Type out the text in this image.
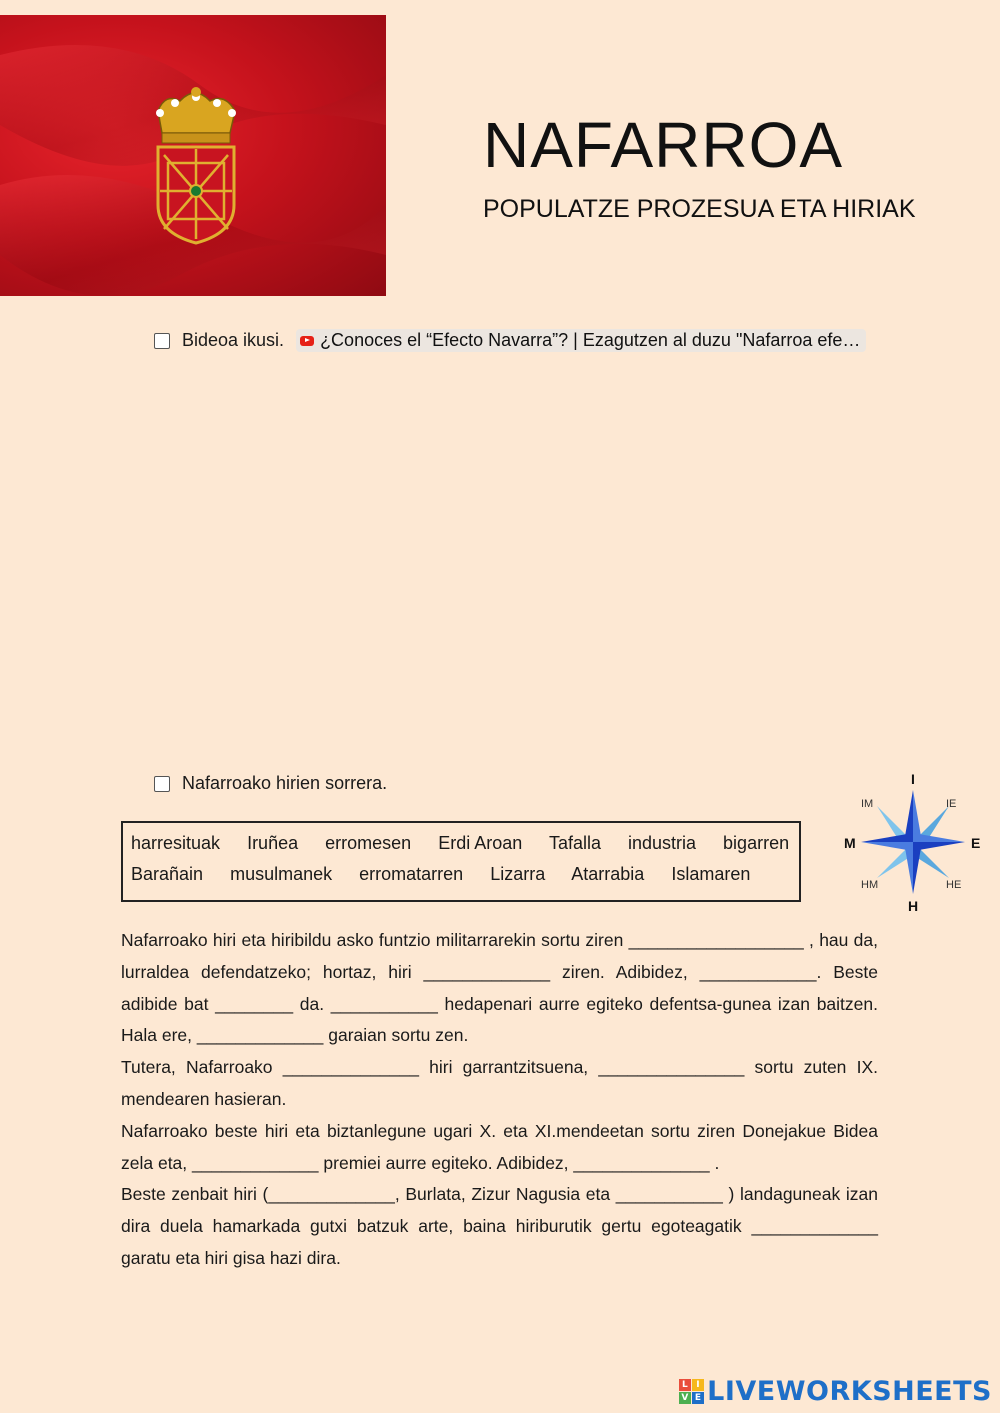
NAFARROA
POPULATZE PROZESUA ETA HIRIAK
Bideoa ikusi. ¿Conoces el “Efecto Navarra”? | Ezagutzen al duzu "Nafarroa efe…
Nafarroako hirien sorrera.
harresituak Iruñea erromesen Erdi Aroan Tafalla industria bigarren
Barañain musulmanek erromatarren Lizarra Atarrabia Islamaren
I
H
M	E
IM	IE
HM	HE

Nafarroako hiri eta hiribildu asko funtzio militarrarekin sortu ziren __________________ , hau da, lurraldea defendatzeko; hortaz, hiri _____________ ziren. Adibidez, ____________. Beste adibide bat ________ da. ___________ hedapenari aurre egiteko defentsa-gunea izan baitzen. Hala ere, _____________ garaian sortu zen.

Tutera, Nafarroako ______________ hiri garrantzitsuena, _______________ sortu zuten IX. mendearen hasieran.

Nafarroako beste hiri eta biztanlegune ugari X. eta XI.mendeetan sortu ziren Donejakue Bidea zela eta, _____________ premiei aurre egiteko. Adibidez, ______________ .

Beste zenbait hiri (_____________, Burlata, Zizur Nagusia eta ___________ ) landaguneak izan dira duela hamarkada gutxi batzuk arte, baina hiriburutik gertu egoteagatik _____________ garatu eta hiri gisa hazi dira.

L I
V E LIVEWORKSHEETS
